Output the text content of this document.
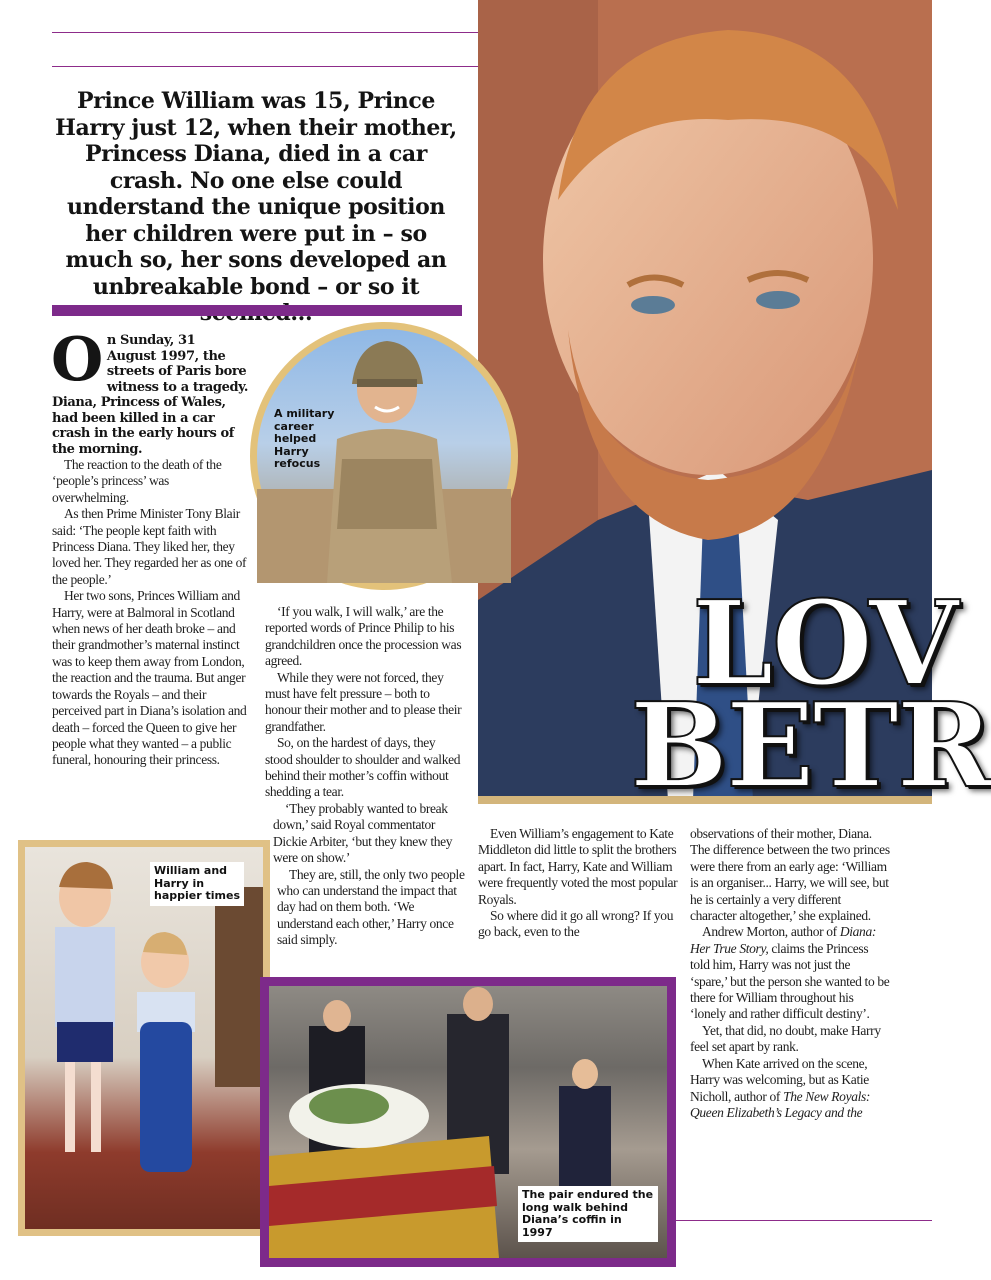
LOV
BETR
Prince William was 15, Prince Harry just 12, when their mother, Princess Diana, died in a car crash. No one else could understand the unique position her children were put in – so much so, her sons developed an unbreakable bond – or so it

On Sunday, 31 August 1997, the streets of Paris bore witness to a tragedy. Diana, Princess of Wales, had been killed in a car crash in the early hours of the morning.

The reaction to the death of the ‘people’s princess’ was overwhelming.

As then Prime Minister Tony Blair said: ‘The people kept faith with Princess Diana. They liked her, they loved her. They regarded her as one of the people.’

Her two sons, Princes William and Harry, were at Balmoral in Scotland when news of her death broke – and their grandmother’s maternal instinct was to keep them away from London, the reaction and the trauma. But anger towards the Royals – and their perceived part in Diana’s isolation and death – forced the Queen to give her people what they wanted – a public funeral, honouring their princess.

A military career helped Harry refocus

‘If you walk, I will walk,’ are the reported words of Prince Philip to his grandchildren once the procession was agreed.

While they were not forced, they must have felt pressure – both to honour their mother and to please their grandfather.

So, on the hardest of days, they stood shoulder to shoulder and walked behind their mother’s coffin without shedding a tear.

‘They probably wanted to break down,’ said Royal commentator Dickie Arbiter, ‘but they knew they were on show.’

They are, still, the only two people who can understand the impact that day had on them both. ‘We understand each other,’ Harry once said simply.

Even William’s engagement to Kate Middleton did little to split the brothers apart. In fact, Harry, Kate and William were frequently voted the most popular Royals.

So where did it go all wrong? If you go back, even to the

observations of their mother, Diana. The difference between the two princes were there from an early age: ‘William is an organiser... Harry, we will see, but he is certainly a very different character altogether,’ she explained.

Andrew Morton, author of Diana: Her True Story, claims the Princess told him, Harry was not just the ‘spare,’ but the person she wanted to be there for William throughout his ‘lonely and rather difficult destiny’.

Yet, that did, no doubt, make Harry feel set apart by rank.

When Kate arrived on the scene, Harry was welcoming, but as Katie Nicholl, author of The New Royals: Queen Elizabeth’s Legacy and the

William and Harry in happier times
The pair endured the long walk behind Diana’s coffin in 1997
